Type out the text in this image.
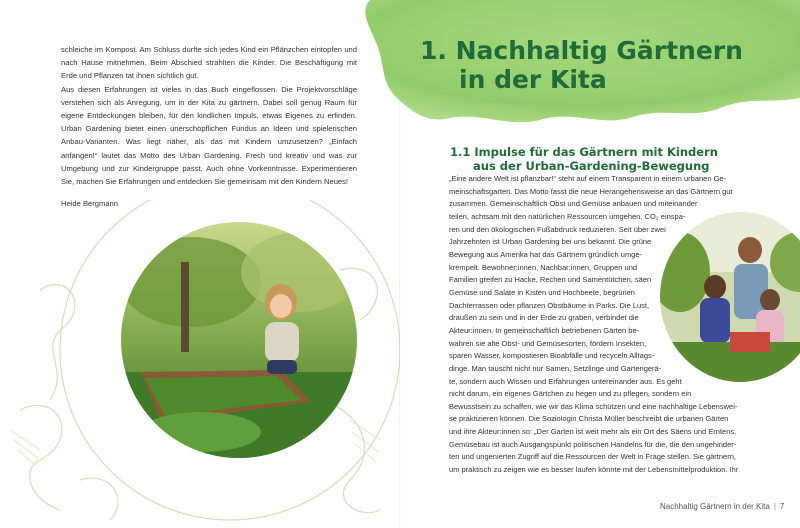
schleiche im Kompost. Am Schluss durfte sich jedes Kind ein Pflänzchen eintopfen und nach Hause mitnehmen. Beim Abschied strahlten die Kinder. Die Beschäftigung mit Erde und Pflanzen tat ihnen sichtlich gut.

Aus diesen Erfahrungen ist vieles in das Buch eingeflossen. Die Projektvorschläge verstehen sich als Anregung, um in der Kita zu gärtnern. Dabei soll genug Raum für eigene Entdeckungen bleiben, für den kindlichen Impuls, etwas Eigenes zu erfinden. Urban Gardening bietet einen unerschöpflichen Fundus an Ideen und spielerischen Anbau-Varianten. Was liegt näher, als das mit Kindern umzusetzen? „Einfach anfangen!“ lautet das Motto des Urban Gardening. Frech und kreativ und was zur Umgebung und zur Kindergruppe passt. Auch ohne Vorkenntnisse. Experimentieren Sie, machen Sie Erfahrungen und entdecken Sie gemeinsam mit den Kindern Neues!

Heide Bergmann
1. Nachhaltig Gärtnern
in der Kita
1.1 Impulse für das Gärtnern mit Kindern
aus der Urban-Gardening-Bewegung
„Eine andere Welt ist pflanzbar!“ steht auf einem Transparent in einem urbanen Ge-
meinschaftsgarten. Das Motto fasst die neue Herangehensweise an das Gärtnern gut
zusammen. Gemeinschaftlich Obst und Gemüse anbauen und miteinander
teilen, achtsam mit den natürlichen Ressourcen umgehen, CO₂ einspa-
ren und den ökologischen Fußabdruck reduzieren. Seit über zwei
Jahrzehnten ist Urban Gardening bei uns bekannt. Die grüne
Bewegung aus Amerika hat das Gärtnern gründlich umge-
krempelt. Bewohner:innen, Nachbar:innen, Gruppen und
Familien greifen zu Hacke, Rechen und Samentütchen, säen
Gemüse und Salate in Kisten und Hochbeete, begrünen
Dachterrassen oder pflanzen Obstbäume in Parks. Die Lust,
draußen zu sein und in der Erde zu graben, verbindet die
Akteur:innen. In gemeinschaftlich betriebenen Gärten be-
wahren sie alte Obst- und Gemüsesorten, fördern Insekten,
sparen Wasser, kompostieren Bioabfälle und recyceln Alltags-
dinge. Man tauscht nicht nur Samen, Setzlinge und Gartengerä-
te, sondern auch Wissen und Erfahrungen untereinander aus. Es geht
nicht darum, ein eigenes Gärtchen zu hegen und zu pflegen, sondern ein
Bewusstsein zu schaffen, wie wir das Klima schützen und eine nachhaltige Lebenswei-
se praktizieren können. Die Soziologin Christa Müller beschreibt die urbanen Gärten
und ihre Akteur:innen so: „Der Garten ist weit mehr als ein Ort des Säens und Erntens.
Gemüsebau ist auch Ausgangspunkt politischen Handelns für die, die den ungehinder-
ten und ungenierten Zugriff auf die Ressourcen der Welt in Frage stellen. Sie gärtnern,
um praktisch zu zeigen wie es besser laufen könnte mit der Lebensmittelproduktion. Ihr
Nachhaltig Gärtnern in der Kita | 7
